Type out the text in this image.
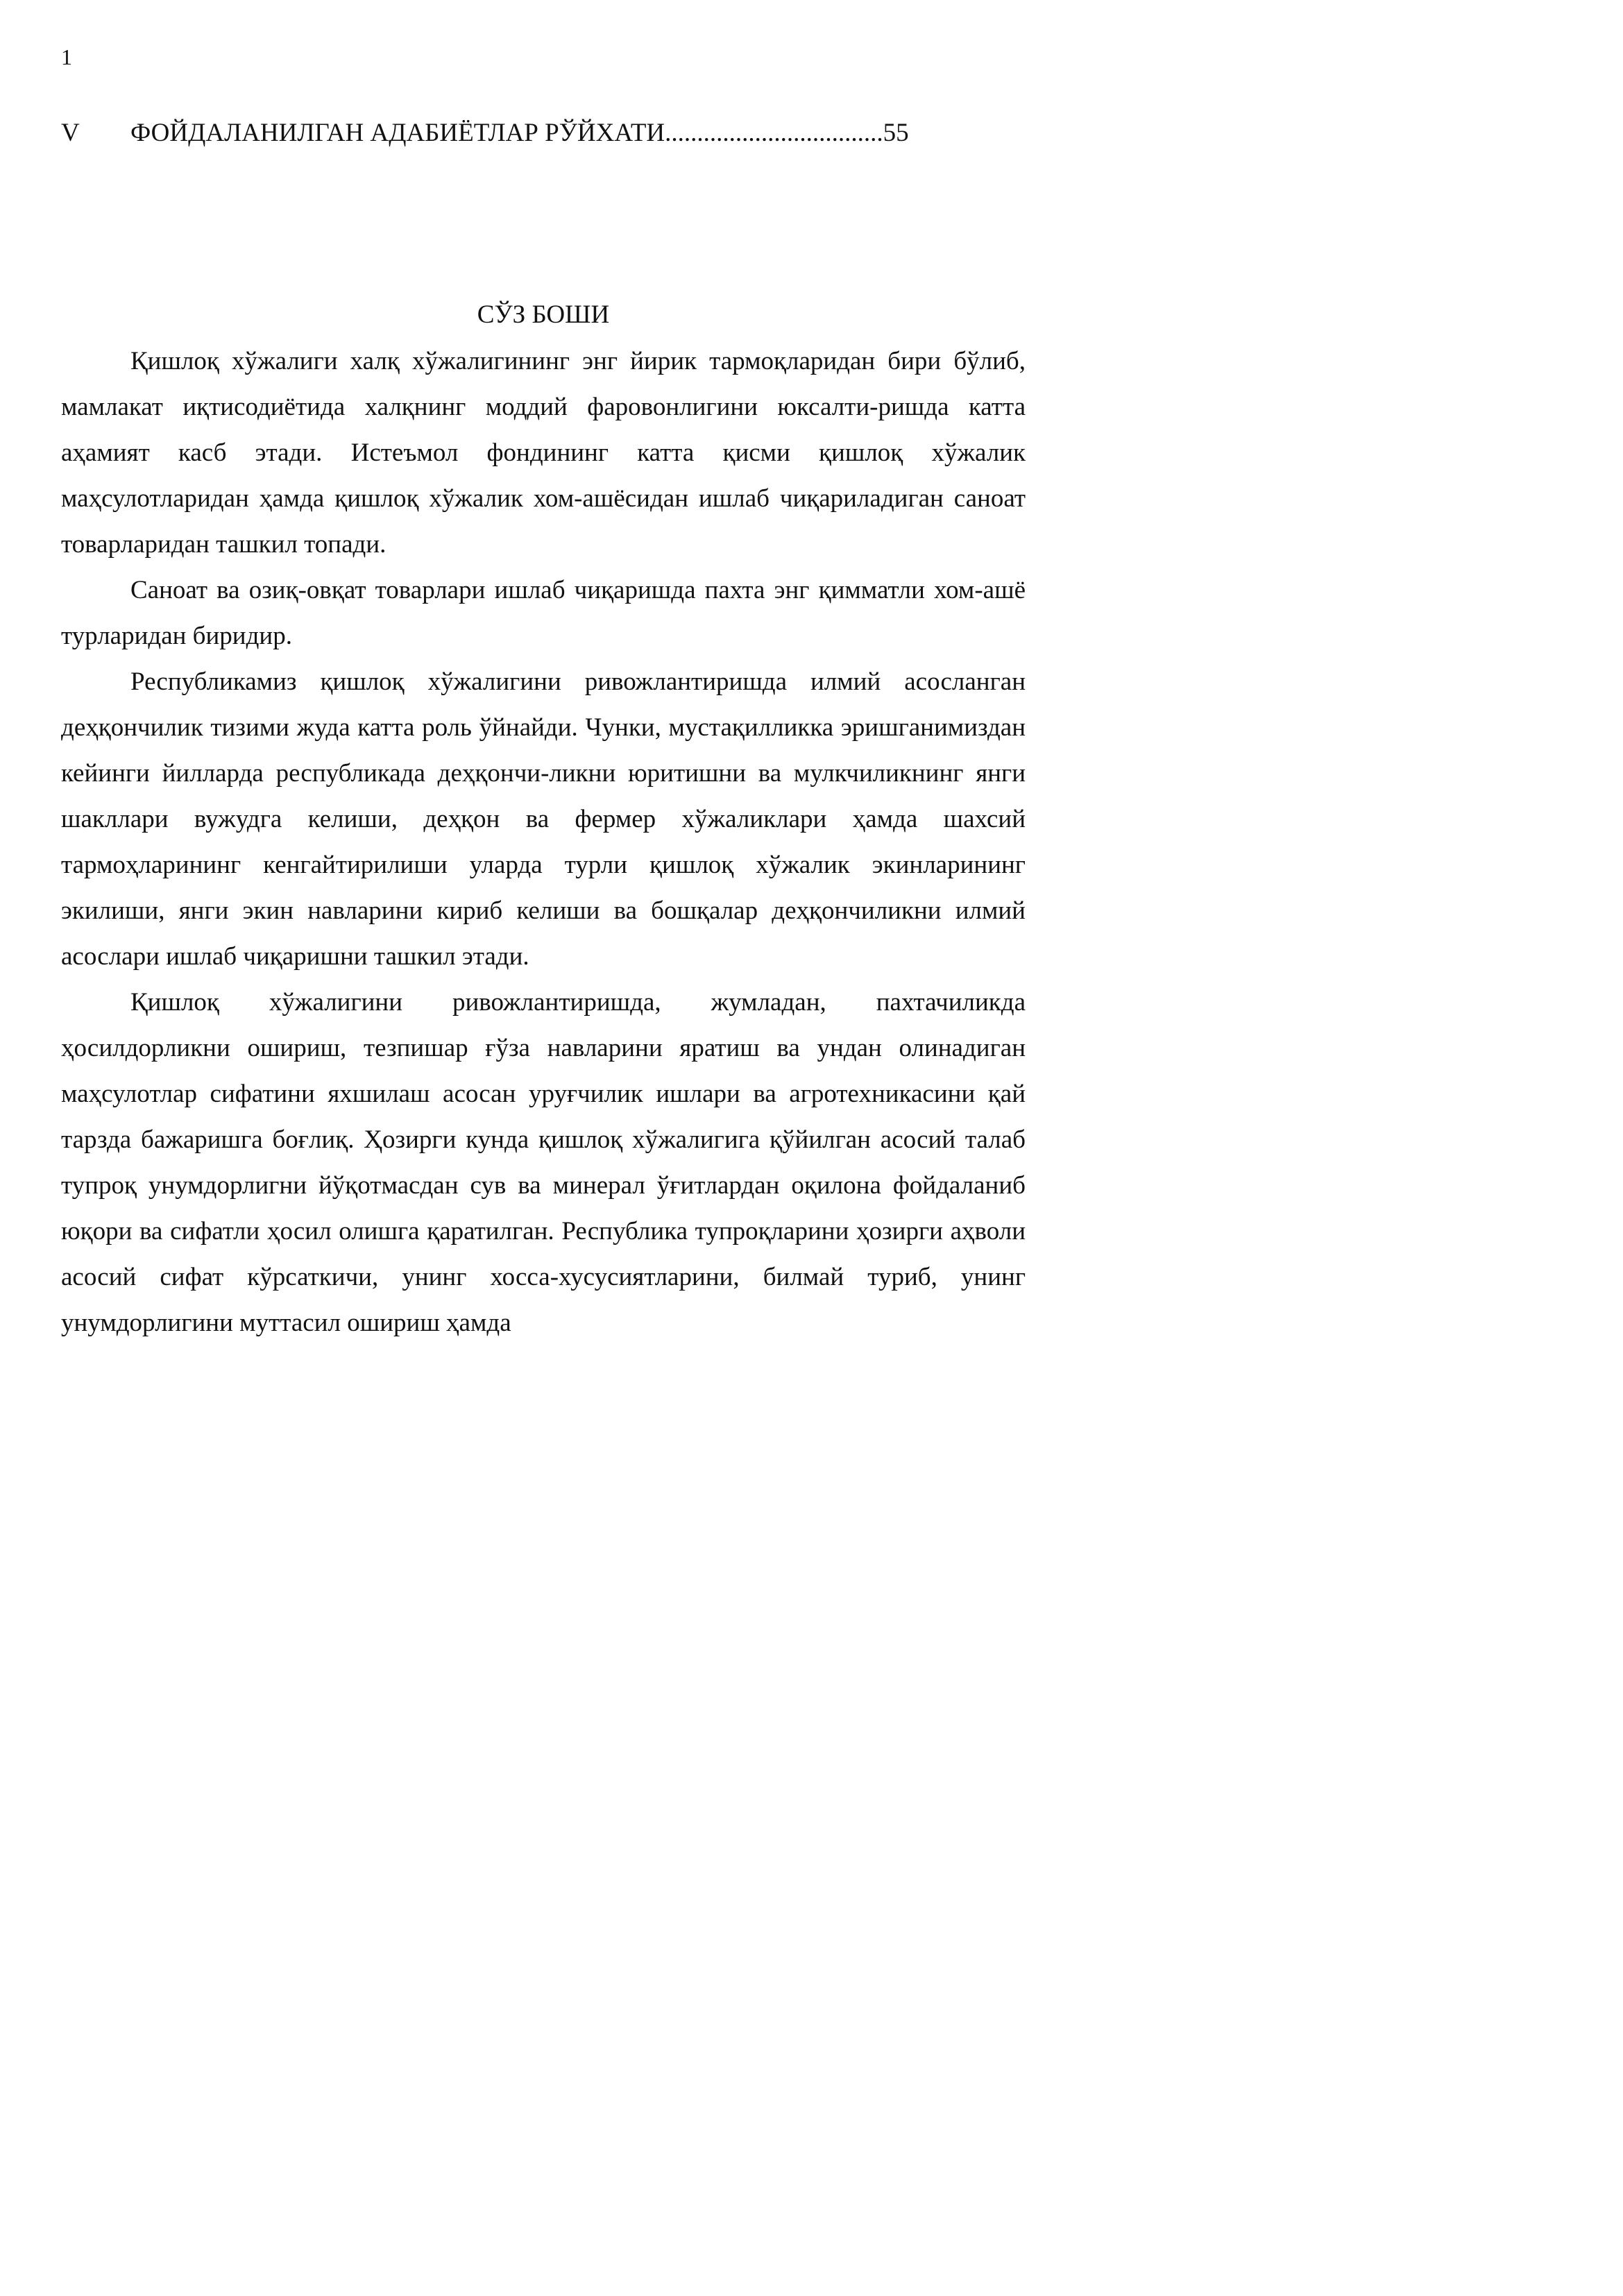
1
V ФОЙДАЛАНИЛГАН АДАБИЁТЛАР РЎЙХАТИ..................................55
СЎЗ БОШИ

Қишлоқ хўжалиги халқ хўжалигининг энг йирик тармоқларидан бири бўлиб, мамлакат иқтисодиётида халқнинг моддий фаровонлигини юксалти-ришда катта аҳамият касб этади. Истеъмол фондининг катта қисми қишлоқ хўжалик маҳсулотларидан ҳамда қишлоқ хўжалик хом-ашёсидан ишлаб чиқариладиган саноат товарларидан ташкил топади.

Саноат ва озиқ-овқат товарлари ишлаб чиқаришда пахта энг қимматли хом-ашё турларидан биридир.

Республикамиз қишлоқ хўжалигини ривожлантиришда илмий асосланган деҳқончилик тизими жуда катта роль ўйнайди. Чунки, мустақилликка эришганимиздан кейинги йилларда республикада деҳқончи-ликни юритишни ва мулкчиликнинг янги шакллари вужудга келиши, деҳқон ва фермер хўжаликлари ҳамда шахсий тармоҳларининг кенгайтирилиши уларда турли қишлоқ хўжалик экинларининг экилиши, янги экин навларини кириб келиши ва бошқалар деҳқончиликни илмий асослари ишлаб чиқаришни ташкил этади.

Қишлоқ хўжалигини ривожлантиришда, жумладан, пахтачиликда ҳосилдорликни ошириш, тезпишар ғўза навларини яратиш ва ундан олинадиган маҳсулотлар сифатини яхшилаш асосан уруғчилик ишлари ва агротехникасини қай тарзда бажаришга боғлиқ. Ҳозирги кунда қишлоқ хўжалигига қўйилган асосий талаб тупроқ унумдорлигни йўқотмасдан сув ва минерал ўғитлардан оқилона фойдаланиб юқори ва сифатли ҳосил олишга қаратилган. Республика тупроқларини ҳозирги аҳволи асосий сифат кўрсаткичи, унинг хосса-хусусиятларини, билмай туриб, унинг унумдорлигини муттасил ошириш ҳамда
